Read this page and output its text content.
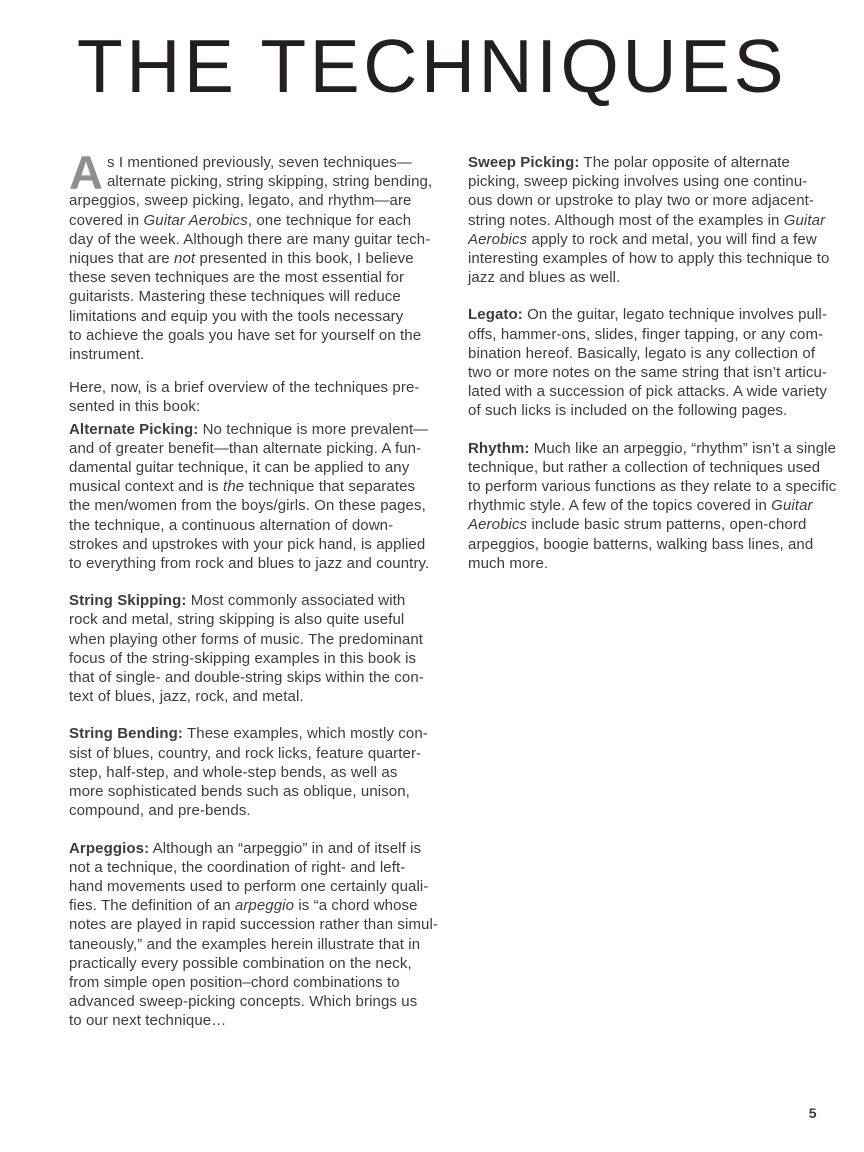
THE TECHNIQUES
A s I mentioned previously, seven techniques—
alternate picking, string skipping, string bending,
arpeggios, sweep picking, legato, and rhythm—are
covered in Guitar Aerobics, one technique for each
day of the week. Although there are many guitar tech-
niques that are not presented in this book, I believe
these seven techniques are the most essential for
guitarists. Mastering these techniques will reduce
limitations and equip you with the tools necessary
to achieve the goals you have set for yourself on the
instrument.
Here, now, is a brief overview of the techniques pre-
sented in this book:
Alternate Picking: No technique is more prevalent—
and of greater benefit—than alternate picking. A fun-
damental guitar technique, it can be applied to any
musical context and is the technique that separates
the men/women from the boys/girls. On these pages,
the technique, a continuous alternation of down-
strokes and upstrokes with your pick hand, is applied
to everything from rock and blues to jazz and country.
String Skipping: Most commonly associated with
rock and metal, string skipping is also quite useful
when playing other forms of music. The predominant
focus of the string-skipping examples in this book is
that of single- and double-string skips within the con-
text of blues, jazz, rock, and metal.
String Bending: These examples, which mostly con-
sist of blues, country, and rock licks, feature quarter-
step, half-step, and whole-step bends, as well as
more sophisticated bends such as oblique, unison,
compound, and pre-bends.
Arpeggios: Although an “arpeggio” in and of itself is
not a technique, the coordination of right- and left-
hand movements used to perform one certainly quali-
fies. The definition of an arpeggio is “a chord whose
notes are played in rapid succession rather than simul-
taneously,” and the examples herein illustrate that in
practically every possible combination on the neck,
from simple open position–chord combinations to
advanced sweep-picking concepts. Which brings us
to our next technique…
Sweep Picking: The polar opposite of alternate
picking, sweep picking involves using one continu-
ous down or upstroke to play two or more adjacent-
string notes. Although most of the examples in Guitar
Aerobics apply to rock and metal, you will find a few
interesting examples of how to apply this technique to
jazz and blues as well.
Legato: On the guitar, legato technique involves pull-
offs, hammer-ons, slides, finger tapping, or any com-
bination hereof. Basically, legato is any collection of
two or more notes on the same string that isn’t articu-
lated with a succession of pick attacks. A wide variety
of such licks is included on the following pages.
Rhythm: Much like an arpeggio, “rhythm” isn’t a single
technique, but rather a collection of techniques used
to perform various functions as they relate to a specific
rhythmic style. A few of the topics covered in Guitar
Aerobics include basic strum patterns, open-chord
arpeggios, boogie batterns, walking bass lines, and
much more.
5
